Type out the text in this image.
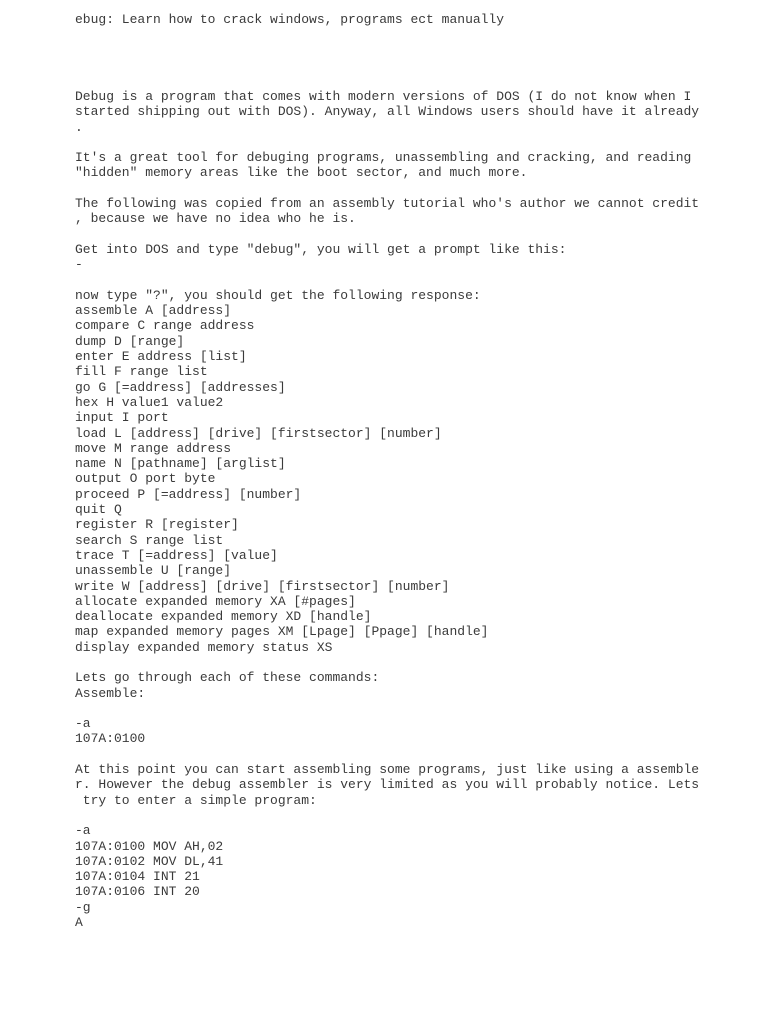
ebug: Learn how to crack windows, programs ect manually
Debug is a program that comes with modern versions of DOS (I do not know when I
started shipping out with DOS). Anyway, all Windows users should have it already
.
It's a great tool for debuging programs, unassembling and cracking, and reading
"hidden" memory areas like the boot sector, and much more.
The following was copied from an assembly tutorial who's author we cannot credit
, because we have no idea who he is.
Get into DOS and type "debug", you will get a prompt like this:
-
now type "?", you should get the following response:
assemble A [address]
compare C range address
dump D [range]
enter E address [list]
fill F range list
go G [=address] [addresses]
hex H value1 value2
input I port
load L [address] [drive] [firstsector] [number]
move M range address
name N [pathname] [arglist]
output O port byte
proceed P [=address] [number]
quit Q
register R [register]
search S range list
trace T [=address] [value]
unassemble U [range]
write W [address] [drive] [firstsector] [number]
allocate expanded memory XA [#pages]
deallocate expanded memory XD [handle]
map expanded memory pages XM [Lpage] [Ppage] [handle]
display expanded memory status XS
Lets go through each of these commands:
Assemble:
-a
107A:0100
At this point you can start assembling some programs, just like using a assemble
r. However the debug assembler is very limited as you will probably notice. Lets
try to enter a simple program:
-a
107A:0100 MOV AH,02
107A:0102 MOV DL,41
107A:0104 INT 21
107A:0106 INT 20
-g
A
